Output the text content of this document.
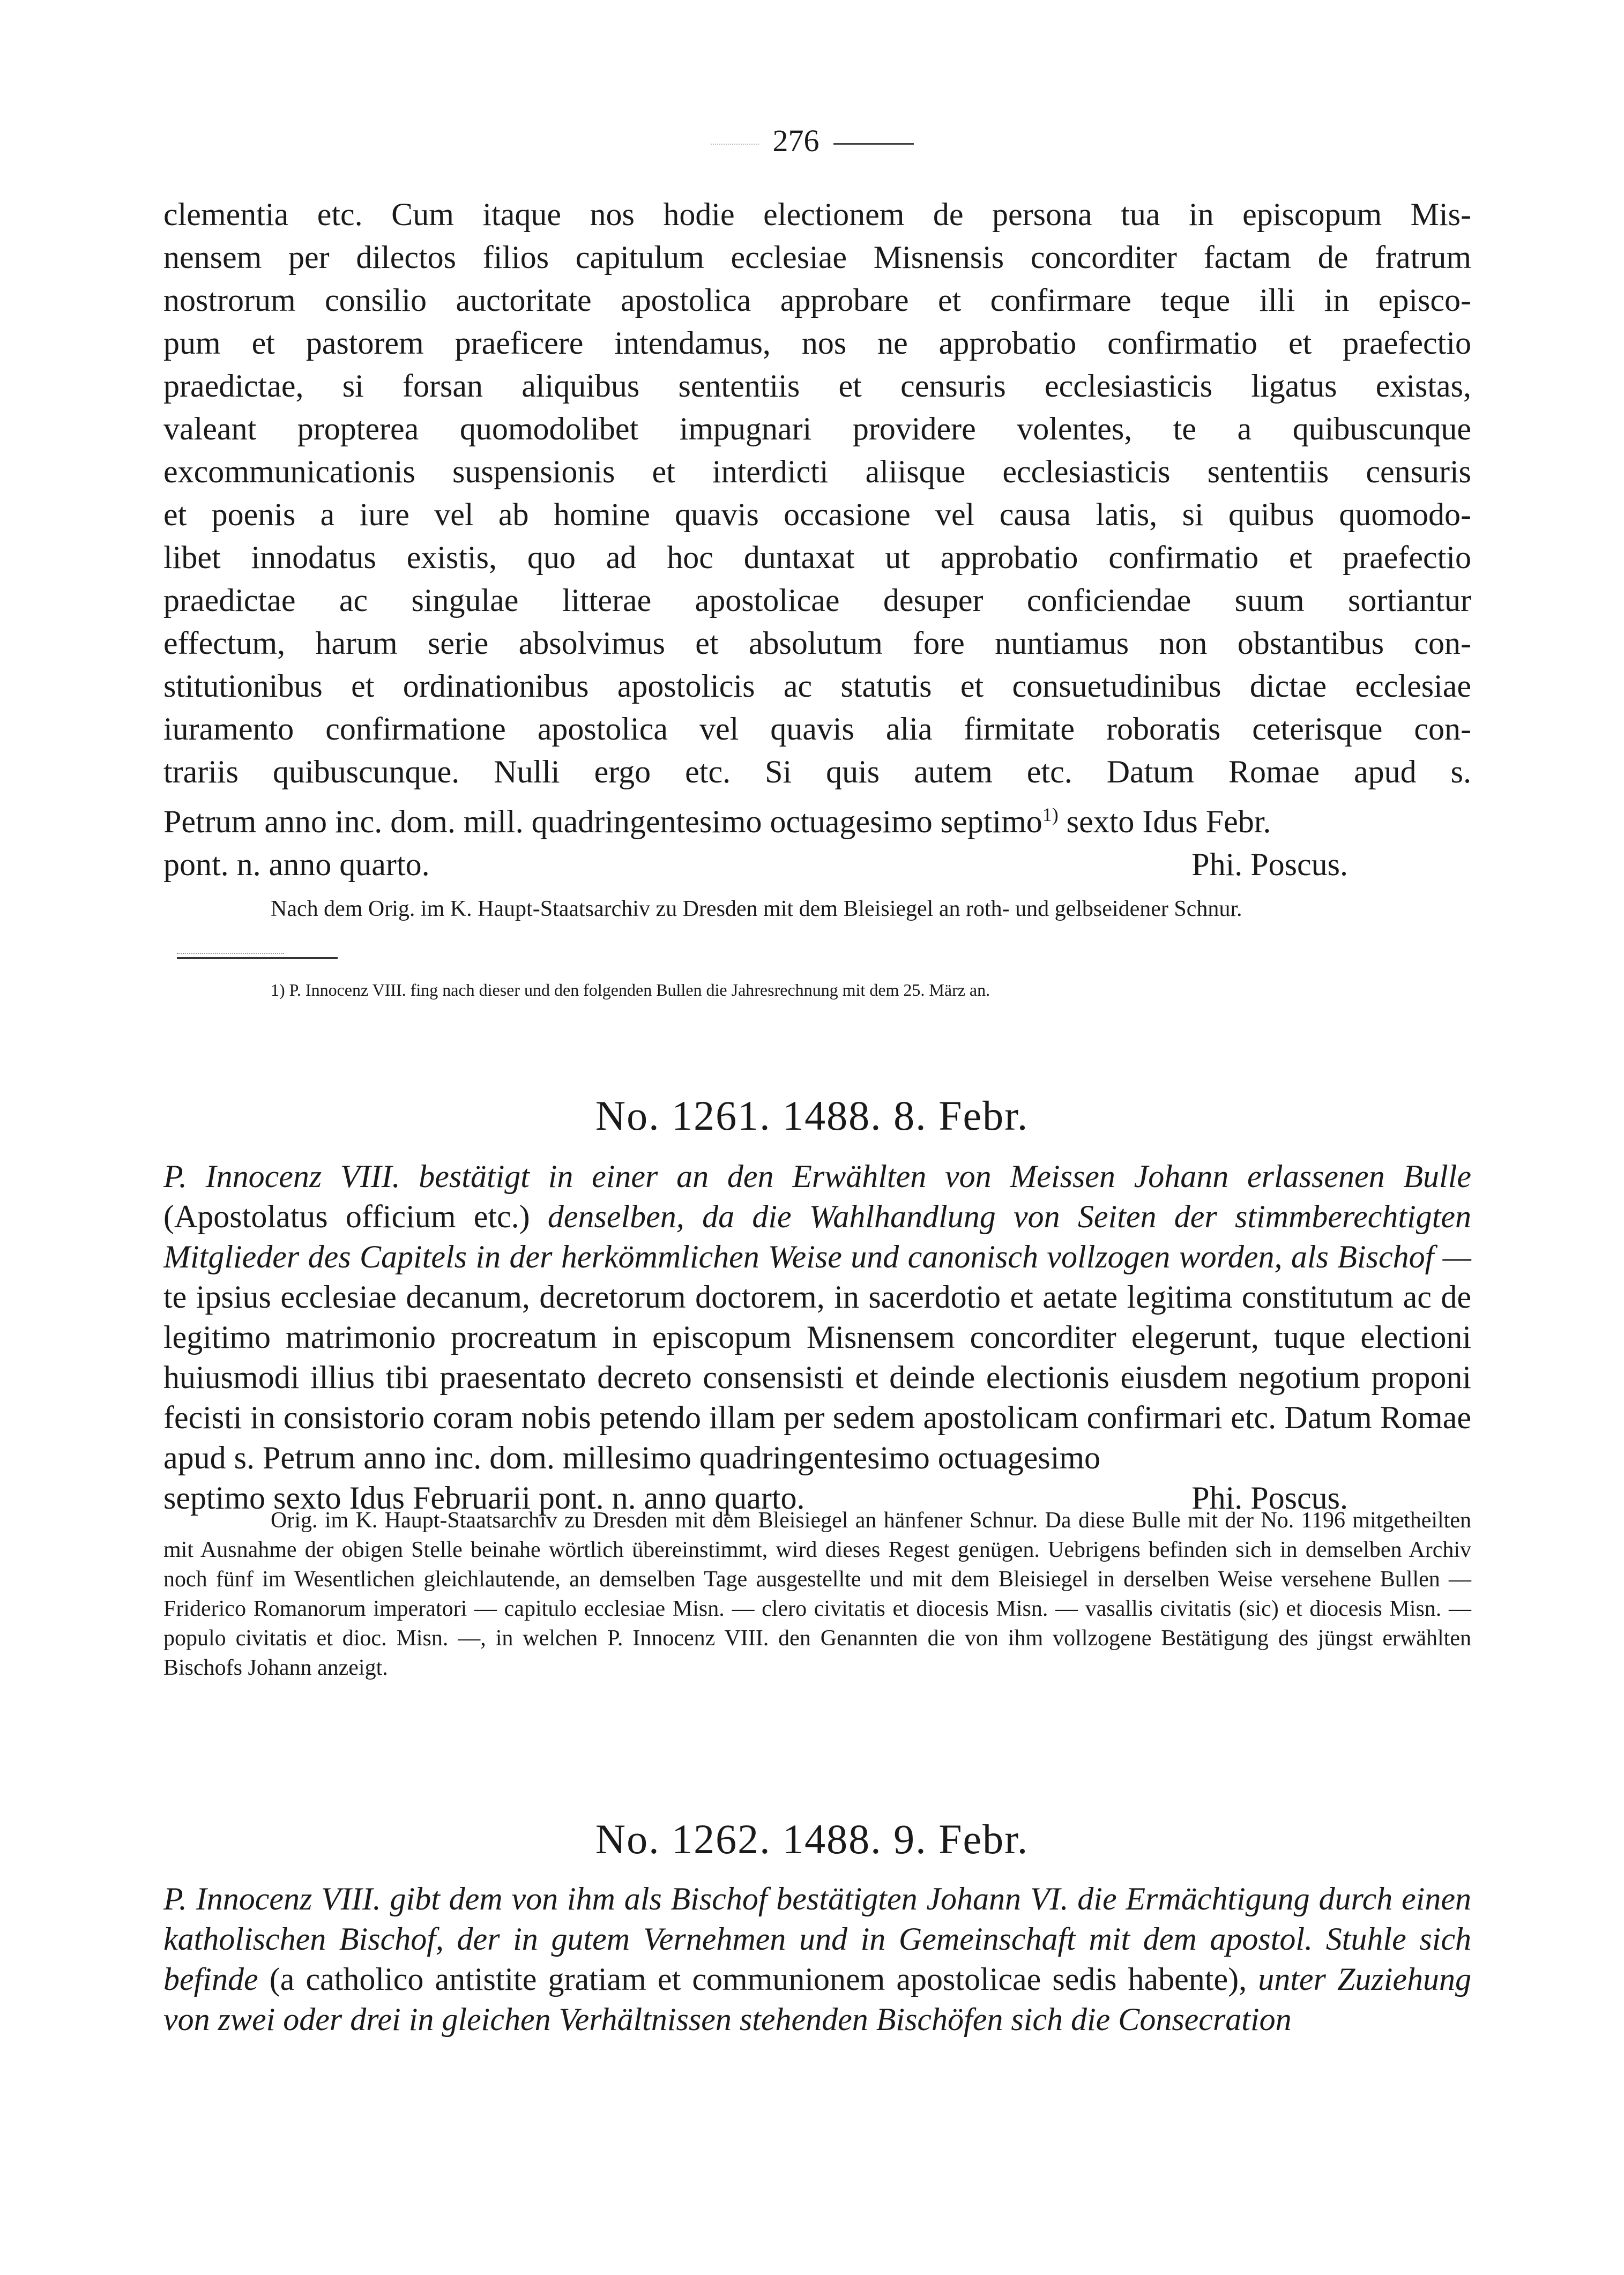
276
clementia etc. Cum itaque nos hodie electionem de persona tua in episcopum Mis-
nensem per dilectos filios capitulum ecclesiae Misnensis concorditer factam de fratrum
nostrorum consilio auctoritate apostolica approbare et confirmare teque illi in episco-
pum et pastorem praeficere intendamus, nos ne approbatio confirmatio et praefectio
praedictae, si forsan aliquibus sententiis et censuris ecclesiasticis ligatus existas,
valeant propterea quomodolibet impugnari providere volentes, te a quibuscunque
excommunicationis suspensionis et interdicti aliisque ecclesiasticis sententiis censuris
et poenis a iure vel ab homine quavis occasione vel causa latis, si quibus quomodo-
libet innodatus existis, quo ad hoc duntaxat ut approbatio confirmatio et praefectio
praedictae ac singulae litterae apostolicae desuper conficiendae suum sortiantur
effectum, harum serie absolvimus et absolutum fore nuntiamus non obstantibus con-
stitutionibus et ordinationibus apostolicis ac statutis et consuetudinibus dictae ecclesiae
iuramento confirmatione apostolica vel quavis alia firmitate roboratis ceterisque con-
trariis quibuscunque. Nulli ergo etc. Si quis autem etc. Datum Romae apud s.
Petrum anno inc. dom. mill. quadringentesimo octuagesimo septimo$^{1)}$ sexto Idus Febr.
pont. n. anno quarto.	Phi. Poscus.
Nach dem Orig. im K. Haupt-Staatsarchiv zu Dresden mit dem Bleisiegel an roth- und gelbseidener Schnur.
1) P. Innocenz VIII. fing nach dieser und den folgenden Bullen die Jahresrechnung mit dem 25. März an.
No. 1261. 1488. 8. Febr.
P. Innocenz VIII. bestätigt in einer an den Erwählten von Meissen Johann erlassenen Bulle (Apostolatus officium etc.) denselben, da die Wahlhandlung von Seiten der stimmberechtigten Mitglieder des Capitels in der herkömmlichen Weise und canonisch vollzogen worden, als Bischof — te ipsius ecclesiae decanum, decretorum doctorem, in sacerdotio et aetate legitima constitutum ac de legitimo matrimonio procreatum in episcopum Misnensem concorditer elegerunt, tuque electioni huiusmodi illius tibi praesentato decreto consensisti et deinde electionis eiusdem negotium proponi fecisti in consistorio coram nobis petendo illam per sedem apostolicam confirmari etc. Datum Romae apud s. Petrum anno inc. dom. millesimo quadringentesimo octuagesimo
septimo sexto Idus Februarii pont. n. anno quarto.	Phi. Poscus.
Orig. im K. Haupt-Staatsarchiv zu Dresden mit dem Bleisiegel an hänfener Schnur. Da diese Bulle mit der No. 1196 mitgetheilten mit Ausnahme der obigen Stelle beinahe wörtlich übereinstimmt, wird dieses Regest genügen. Uebrigens befinden sich in demselben Archiv noch fünf im Wesentlichen gleichlautende, an demselben Tage ausgestellte und mit dem Bleisiegel in derselben Weise versehene Bullen — Friderico Romanorum imperatori — capitulo ecclesiae Misn. — clero civitatis et diocesis Misn. — vasallis civitatis (sic) et diocesis Misn. — populo civitatis et dioc. Misn. —, in welchen P. Innocenz VIII. den Genannten die von ihm vollzogene Bestätigung des jüngst erwählten Bischofs Johann anzeigt.
No. 1262. 1488. 9. Febr.
P. Innocenz VIII. gibt dem von ihm als Bischof bestätigten Johann VI. die Ermächtigung durch einen katholischen Bischof, der in gutem Vernehmen und in Gemeinschaft mit dem apostol. Stuhle sich befinde (a catholico antistite gratiam et communionem apostolicae sedis habente), unter Zuziehung von zwei oder drei in gleichen Verhältnissen stehenden Bischöfen sich die Consecration
